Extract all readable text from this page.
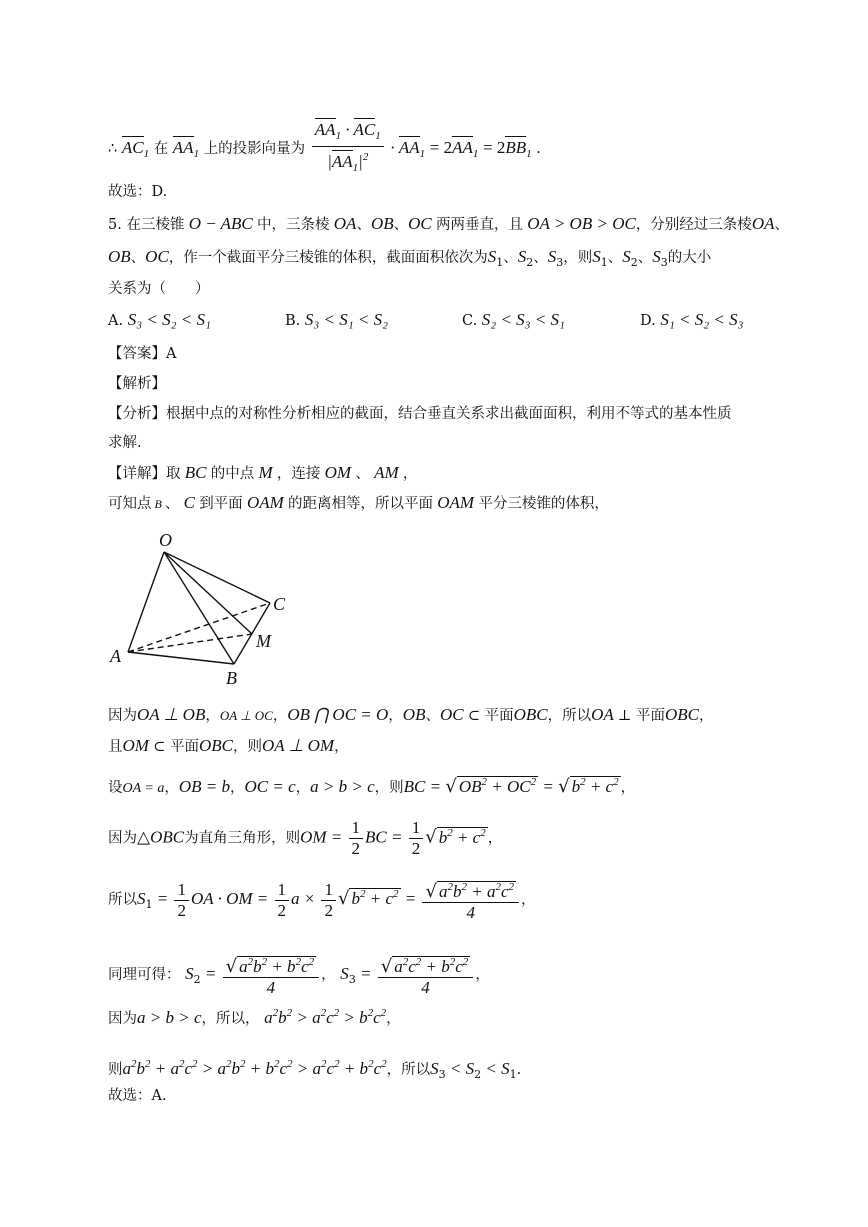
∴ $AC_1$ 在 $AA_1$ 上的投影向量为 $\frac{AA_1 \cdot AC_1}{|AA_1|^2} \cdot AA_1 = 2AA_1 = 2BB_1$ .
故选：D.
5. 在三棱锥 O − ABC 中，三条棱 OA、OB、OC 两两垂直，且 OA > OB > OC，分别经过三条棱OA、
OB、OC，作一个截面平分三棱锥的体积，截面面积依次为$S_1$、$S_2$、$S_3$，则$S_1$、$S_2$、$S_3$的大小
关系为（　　）
A. S₃ < S₂ < S₁	B. S₃ < S₁ < S₂	C. S₂ < S₃ < S₁	D. S₁ < S₂ < S₃
【答案】A
【解析】
【分析】根据中点的对称性分析相应的截面，结合垂直关系求出截面面积，利用不等式的基本性质
求解.
【详解】取 BC 的中点 M ，连接 OM 、 AM ，
可知点 B 、 C 到平面 OAM 的距离相等，所以平面 OAM 平分三棱锥的体积，
O
A
B
C
M
因为OA ⊥ OB，OA ⊥ OC，OB ⋂ OC = O，OB、OC ⊂ 平面OBC，所以OA ⊥ 平面OBC，
且OM ⊂ 平面OBC，则OA ⊥ OM，
设OA = a，OB = b，OC = c，a > b > c，则BC = √ $OB^2 + OC^2$ = √ $b^2 + c^2$ ，
因为△OBC为直角三角形，则OM = $\frac{1}{2}$ BC = $\frac{1}{2}$ √ $b^2 + c^2$ ，
所以$S_1 = \frac{1}{2}$ OA · OM = $\frac{1}{2}$ $a \times \frac{1}{2}$ √ $b^2 + c^2 = \frac{√ a^2b^2 + a^2c^2}{4}$ ，
同理可得： $S_2 = \frac{√ a^2b^2 + b^2c^2}{4}$ ， $S_3 = \frac{√ a^2c^2 + b^2c^2}{4}$ ，
因为a > b > c，所以， $a^2b^2 > a^2c^2 > b^2c^2$，
则$a^2b^2 + a^2c^2 > a^2b^2 + b^2c^2 > a^2c^2 + b^2c^2$，所以$S_3 < S_2 < S_1$.
故选：A.
